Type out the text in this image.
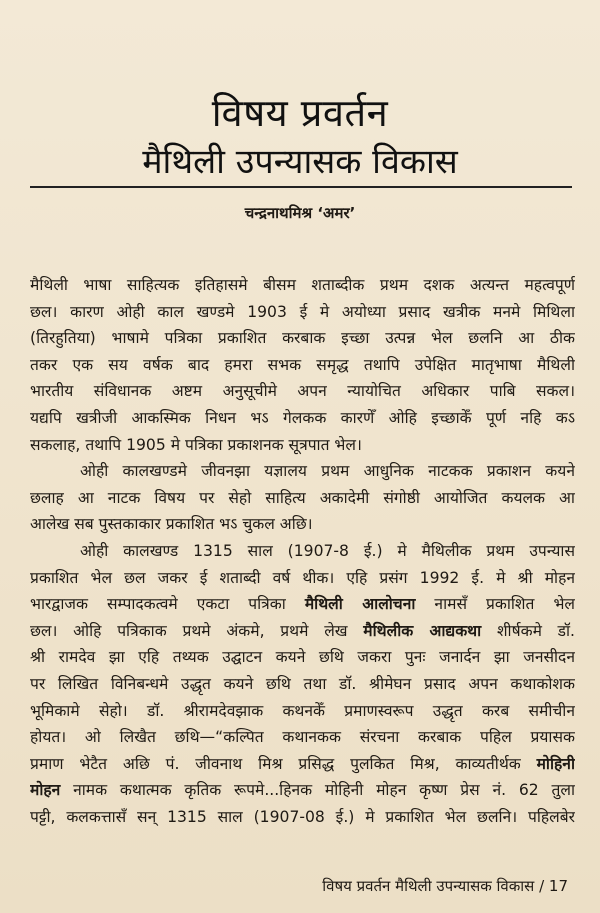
विषय प्रवर्तन
मैथिली उपन्यासक विकास
चन्द्रनाथमिश्र ‘अमर’
मैथिली भाषा साहित्यक इतिहासमे बीसम शताब्दीक प्रथम दशक अत्यन्त महत्वपूर्ण
छल। कारण ओही काल खण्डमे 1903 ई मे अयोध्या प्रसाद खत्रीक मनमे मिथिला
(तिरहुतिया) भाषामे पत्रिका प्रकाशित करबाक इच्छा उत्पन्न भेल छलनि आ ठीक
तकर एक सय वर्षक बाद हमरा सभक समृद्ध तथापि उपेक्षित मातृभाषा मैथिली
भारतीय संविधानक अष्टम अनुसूचीमे अपन न्यायोचित अधिकार पाबि सकल।
यद्यपि खत्रीजी आकस्मिक निधन भऽ गेलकक कारणेँ ओहि इच्छाकेँ पूर्ण नहि कऽ
सकलाह, तथापि 1905 मे पत्रिका प्रकाशनक सूत्रपात भेल।
ओही कालखण्डमे जीवनझा यज्ञालय प्रथम आधुनिक नाटकक प्रकाशन कयने
छलाह आ नाटक विषय पर सेहो साहित्य अकादेमी संगोष्ठी आयोजित कयलक आ
आलेख सब पुस्तकाकार प्रकाशित भऽ चुकल अछि।
ओही कालखण्ड 1315 साल (1907-8 ई.) मे मैथिलीक प्रथम उपन्यास
प्रकाशित भेल छल जकर ई शताब्दी वर्ष थीक। एहि प्रसंग 1992 ई. मे श्री मोहन
भारद्वाजक सम्पादकत्वमे एकटा पत्रिका मैथिली आलोचना नामसँ प्रकाशित भेल
छल। ओहि पत्रिकाक प्रथमे अंकमे, प्रथमे लेख मैथिलीक आद्यकथा शीर्षकमे डॉ.
श्री रामदेव झा एहि तथ्यक उद्घाटन कयने छथि जकरा पुनः जनार्दन झा जनसीदन
पर लिखित विनिबन्धमे उद्धृत कयने छथि तथा डॉ. श्रीमेघन प्रसाद अपन कथाकोशक
भूमिकामे सेहो। डॉ. श्रीरामदेवझाक कथनकेँ प्रमाणस्वरूप उद्धृत करब समीचीन
होयत। ओ लिखैत छथि—“कल्पित कथानकक संरचना करबाक पहिल प्रयासक
प्रमाण भेटैत अछि पं. जीवनाथ मिश्र प्रसिद्ध पुलकित मिश्र, काव्यतीर्थक मोहिनी
मोहन नामक कथात्मक कृतिक रूपमे...हिनक मोहिनी मोहन कृष्ण प्रेस नं. 62 तुला
पट्टी, कलकत्तासँ सन् 1315 साल (1907-08 ई.) मे प्रकाशित भेल छलनि। पहिलबेर
विषय प्रवर्तन मैथिली उपन्यासक विकास / 17
